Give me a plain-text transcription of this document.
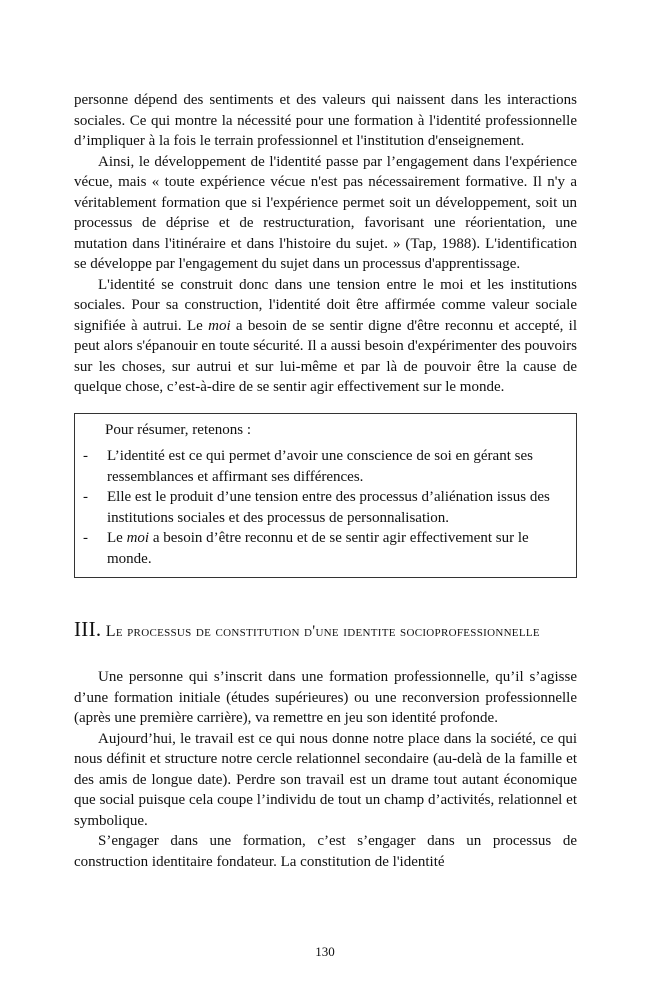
personne dépend des sentiments et des valeurs qui naissent dans les interactions sociales. Ce qui montre la nécessité pour une formation à l'identité professionnelle d’impliquer à la fois le terrain professionnel et l'institution d'enseignement.

Ainsi, le développement de l'identité passe par l’engagement dans l'expérience vécue, mais « toute expérience vécue n'est pas nécessairement formative. Il n'y a véritablement formation que si l'expérience permet soit un développement, soit un processus de déprise et de restructuration, favorisant une réorientation, une mutation dans l'itinéraire et dans l'histoire du sujet. » (Tap, 1988). L'identification se développe par l'engagement du sujet dans un processus d'apprentissage.

L'identité se construit donc dans une tension entre le moi et les institutions sociales. Pour sa construction, l'identité doit être affirmée comme valeur sociale signifiée à autrui. Le moi a besoin de se sentir digne d'être reconnu et accepté, il peut alors s'épanouir en toute sécurité. Il a aussi besoin d'expérimenter des pouvoirs sur les choses, sur autrui et sur lui-même et par là de pouvoir être la cause de quelque chose, c’est-à-dire de se sentir agir effectivement sur le monde.

Pour résumer, retenons :
-	L’identité est ce qui permet d’avoir une conscience de soi en gérant ses ressemblances et affirmant ses différences.
-	Elle est le produit d’une tension entre des processus d’aliénation issus des institutions sociales et des processus de personnalisation.
-	Le moi a besoin d’être reconnu et de se sentir agir effectivement sur le monde.
III. Le processus de constitution d'une identite socioprofessionnelle

Une personne qui s’inscrit dans une formation professionnelle, qu’il s’agisse d’une formation initiale (études supérieures) ou une reconversion professionnelle (après une première carrière), va remettre en jeu son identité profonde.

Aujourd’hui, le travail est ce qui nous donne notre place dans la société, ce qui nous définit et structure notre cercle relationnel secondaire (au-delà de la famille et des amis de longue date). Perdre son travail est un drame tout autant économique que social puisque cela coupe l’individu de tout un champ d’activités, relationnel et symbolique.

S’engager dans une formation, c’est s’engager dans un processus de construction identitaire fondateur. La constitution de l'identité

130
